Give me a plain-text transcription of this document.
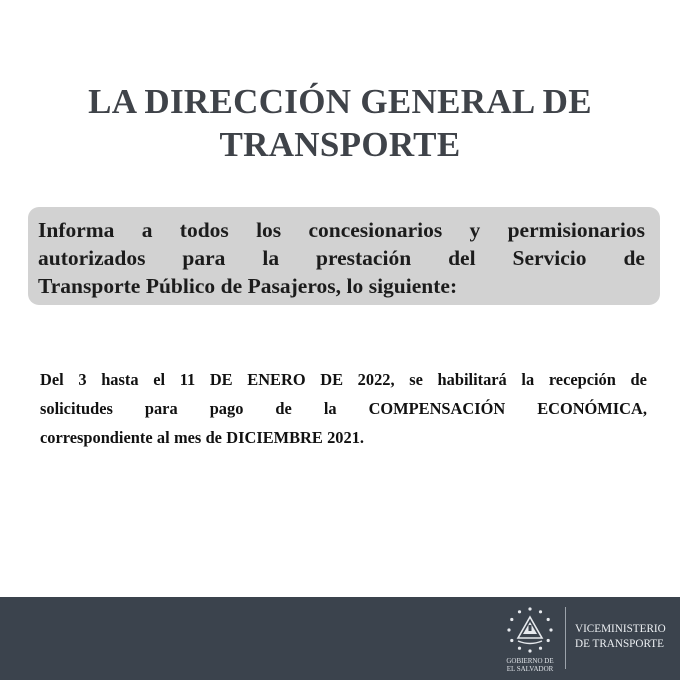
LA DIRECCIÓN GENERAL DE
TRANSPORTE
Informa a todos los concesionarios y permisionarios
autorizados para la prestación del Servicio de
Transporte Público de Pasajeros, lo siguiente:
Del 3 hasta el 11 DE ENERO DE 2022, se habilitará la recepción de
solicitudes para pago de la COMPENSACIÓN ECONÓMICA,
correspondiente al mes de DICIEMBRE 2021.
GOBIERNO DE
EL SALVADOR
VICEMINISTERIO
DE TRANSPORTE
